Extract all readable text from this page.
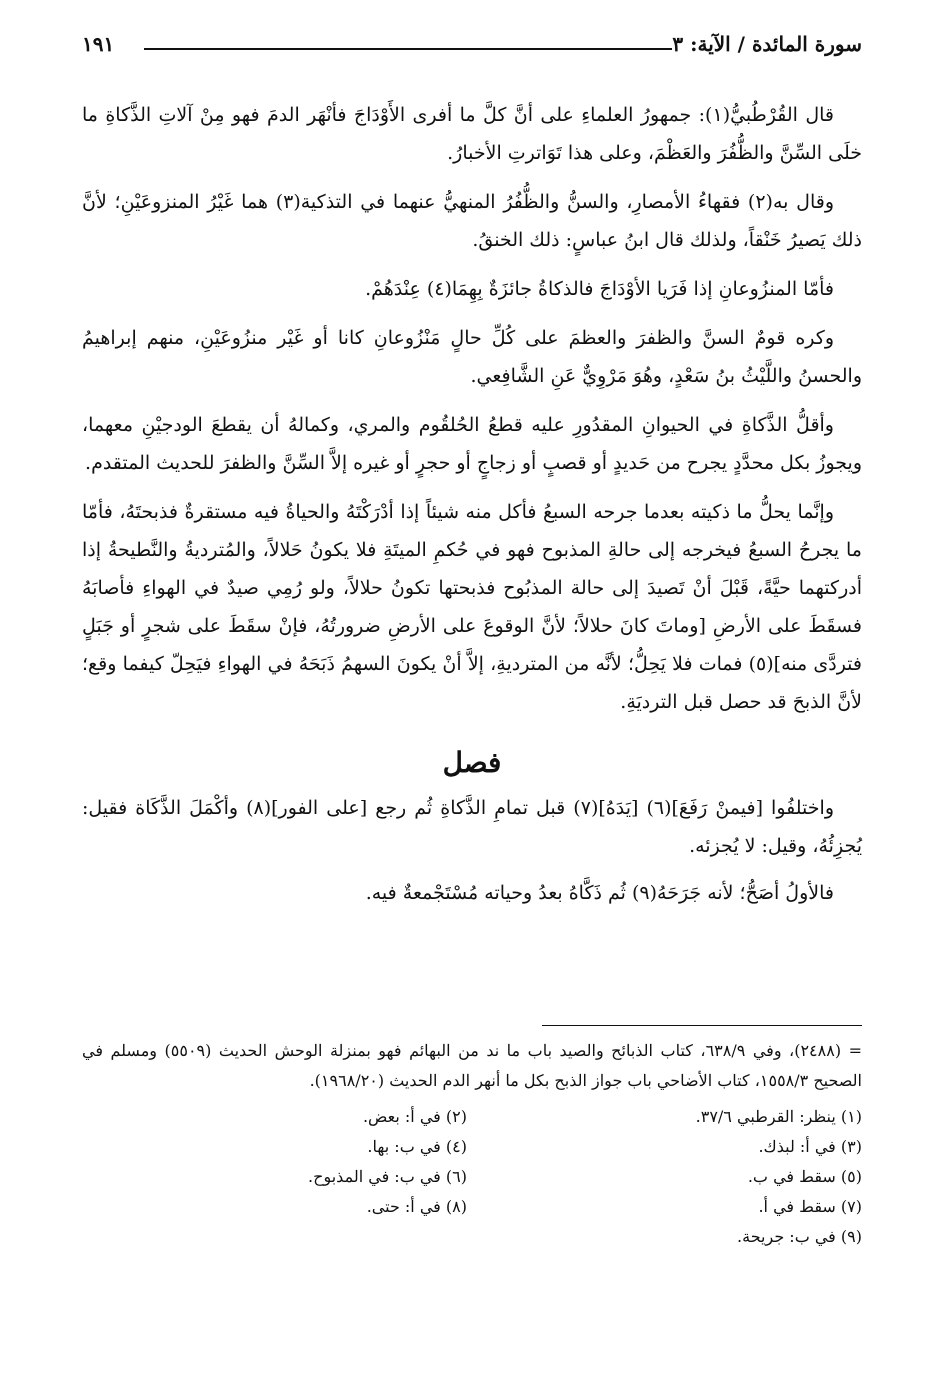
سورة المائدة / الآية: ٣
١٩١

قال القُرْطُبيُّ(١): جمهورُ العلماءِ على أنَّ كلَّ ما أفرى الأَوْدَاجَ فأنْهَر الدمَ فهو مِنْ آلاتِ الذَّكاةِ ما خلَى السِّنَّ والظُّفُرَ والعَظْمَ، وعلى هذا تَوَاترتِ الأخبارُ.

وقال به(٢) فقهاءُ الأمصارِ، والسنُّ والظُّفُرُ المنهيُّ عنهما في التذكية(٣) هما غَيْرُ المنزوعَيْنِ؛ لأنَّ ذلك يَصيرُ خَنْقاً، ولذلك قال ابنُ عباسٍ: ذلك الخنقُ.

فأمّا المنزُوعانِ إذا فَرَيا الأوْدَاجَ فالذكاةُ جائزَةٌ بِهِمَا(٤) عِنْدَهُمْ.

وكره قومٌ السنَّ والظفرَ والعظمَ على كُلِّ حالٍ مَنْزُوعانِ كانا أو غَيْر منزُوعَيْنِ، منهم إبراهيمُ والحسنُ واللَّيْثُ بنُ سَعْدٍ، وهُوَ مَرْوِيٌّ عَنِ الشَّافِعي.

وأقلُّ الذَّكاةِ في الحيوانِ المقدُورِ عليه قطعُ الحُلقُوم والمري، وكمالهُ أن يقطعَ الودجيْنِ معهما، ويجوزُ بكل محدَّدٍ يجرح من حَديدٍ أو قصبٍ أو زجاجٍ أو حجرٍ أو غيره إلاَّ السِّنَّ والظفرَ للحديث المتقدم.

وإنَّما يحلُّ ما ذكيته بعدما جرحه السبعُ فأكل منه شيئاً إذا أدْرَكْتَهُ والحياةُ فيه مستقرةٌ فذبحتَهُ، فأمّا ما يجرحُ السبعُ فيخرجه إلى حالةِ المذبوح فهو في حُكمِ الميتَةِ فلا يكونُ حَلالاً، والمُترديةُ والنَّطيحةُ إذا أدركتهما حيَّةً، قَبْلَ أنْ تَصيدَ إلى حالة المذبُوح فذبحتها تكونُ حلالاً، ولو رُمِي صيدٌ في الهواءِ فأصابَهُ فسقَطَ على الأرضِ [وماتَ كانَ حلالاً؛ لأنَّ الوقوعَ على الأرضِ ضرورتُهُ، فإنْ سقَطَ على شجرٍ أو جَبَلٍ فتردَّى منه](٥) فمات فلا يَحِلُّ؛ لأنَّه من المترديةِ، إلاَّ أنْ يكونَ السهمُ ذَبَحَهُ في الهواءِ فيَحِلّ كيفما وقع؛ لأنَّ الذبحَ قد حصل قبل الترديَةِ.

فصل

واختلفُوا [فيمنْ رَفَعَ](٦) [يَدَهُ](٧) قبل تمامِ الذَّكاةِ ثُم رجع [على الفور](٨) وأكْمَلَ الذَّكَاة فقيل: يُجزِئُهُ، وقيل: لا يُجزئه.

فالأولُ أصَحُّ؛ لأنه جَرَحَهُ(٩) ثُم ذَكَّاهُ بعدُ وحياته مُسْتَجْمعةٌ فيه.

= (٢٤٨٨)، وفي ٦٣٨/٩، كتاب الذبائح والصيد باب ما ند من البهائم فهو بمنزلة الوحش الحديث (٥٥٠٩) ومسلم في الصحيح ١٥٥٨/٣، كتاب الأضاحي باب جواز الذبح بكل ما أنهر الدم الحديث (١٩٦٨/٢٠).

(١) ينظر: القرطبي ٣٧/٦.
(٢) في أ: بعض.
(٣) في أ: لبذك.
(٤) في ب: بها.
(٥) سقط في ب.
(٦) في ب: في المذبوح.
(٧) سقط في أ.
(٨) في أ: حتى.
(٩) في ب: جريحة.
